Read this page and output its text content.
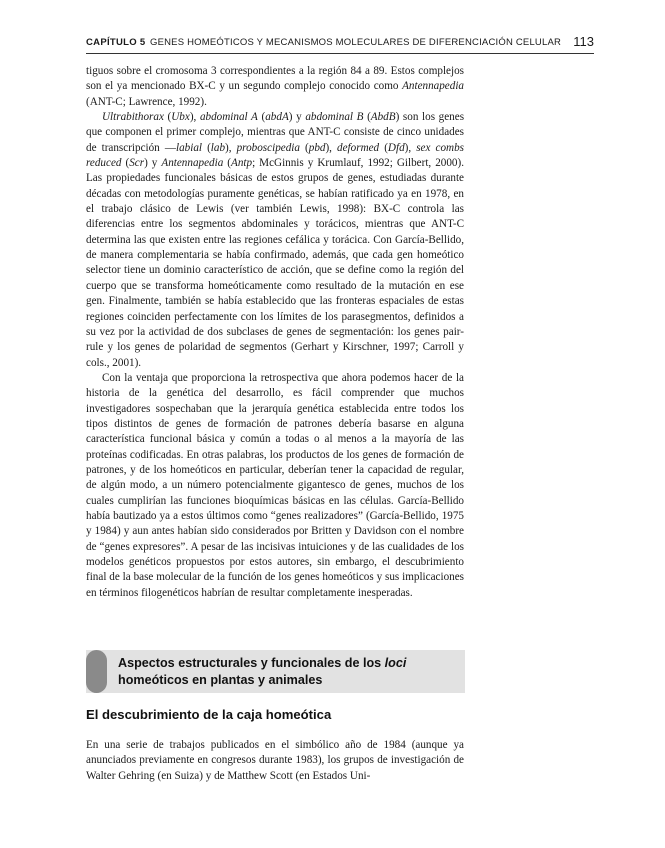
CAPÍTULO 5 GENES HOMEÓTICOS Y MECANISMOS MOLECULARES DE DIFERENCIACIÓN CELULAR 113

tiguos sobre el cromosoma 3 correspondientes a la región 84 a 89. Estos complejos son el ya mencionado BX-C y un segundo complejo conocido como Antennapedia (ANT-C; Lawrence, 1992).

Ultrabithorax (Ubx), abdominal A (abdA) y abdominal B (AbdB) son los genes que componen el primer complejo, mientras que ANT-C consiste de cinco unidades de transcripción —labial (lab), proboscipedia (pbd), deformed (Dfd), sex combs reduced (Scr) y Antennapedia (Antp; McGinnis y Krumlauf, 1992; Gilbert, 2000). Las propiedades funcionales básicas de estos grupos de genes, estudiadas durante décadas con metodologías puramente genéticas, se habían ratificado ya en 1978, en el trabajo clásico de Lewis (ver también Lewis, 1998): BX-C controla las diferencias entre los segmentos abdominales y torácicos, mientras que ANT-C determina las que existen entre las regiones cefálica y torácica. Con García-Bellido, de manera complementaria se había confirmado, además, que cada gen homeótico selector tiene un dominio característico de acción, que se define como la región del cuerpo que se transforma homeóticamente como resultado de la mutación en ese gen. Finalmente, también se había establecido que las fronteras espaciales de estas regiones coinciden perfectamente con los límites de los parasegmentos, definidos a su vez por la actividad de dos subclases de genes de segmentación: los genes pair-rule y los genes de polaridad de segmentos (Gerhart y Kirschner, 1997; Carroll y cols., 2001).

Con la ventaja que proporciona la retrospectiva que ahora podemos hacer de la historia de la genética del desarrollo, es fácil comprender que muchos investigadores sospechaban que la jerarquía genética establecida entre todos los tipos distintos de genes de formación de patrones debería basarse en alguna característica funcional básica y común a todas o al menos a la mayoría de las proteínas codificadas. En otras palabras, los productos de los genes de formación de patrones, y de los homeóticos en particular, deberían tener la capacidad de regular, de algún modo, a un número potencialmente gigantesco de genes, muchos de los cuales cumplirían las funciones bioquímicas básicas en las células. García-Bellido había bautizado ya a estos últimos como “genes realizadores” (García-Bellido, 1975 y 1984) y aun antes habían sido considerados por Britten y Davidson con el nombre de “genes expresores”. A pesar de las incisivas intuiciones y de las cualidades de los modelos genéticos propuestos por estos autores, sin embargo, el descubrimiento final de la base molecular de la función de los genes homeóticos y sus implicaciones en términos filogenéticos habrían de resultar completamente inesperadas.

Aspectos estructurales y funcionales de los loci homeóticos en plantas y animales
El descubrimiento de la caja homeótica

En una serie de trabajos publicados en el simbólico año de 1984 (aunque ya anunciados previamente en congresos durante 1983), los grupos de investigación de Walter Gehring (en Suiza) y de Matthew Scott (en Estados Uni-
